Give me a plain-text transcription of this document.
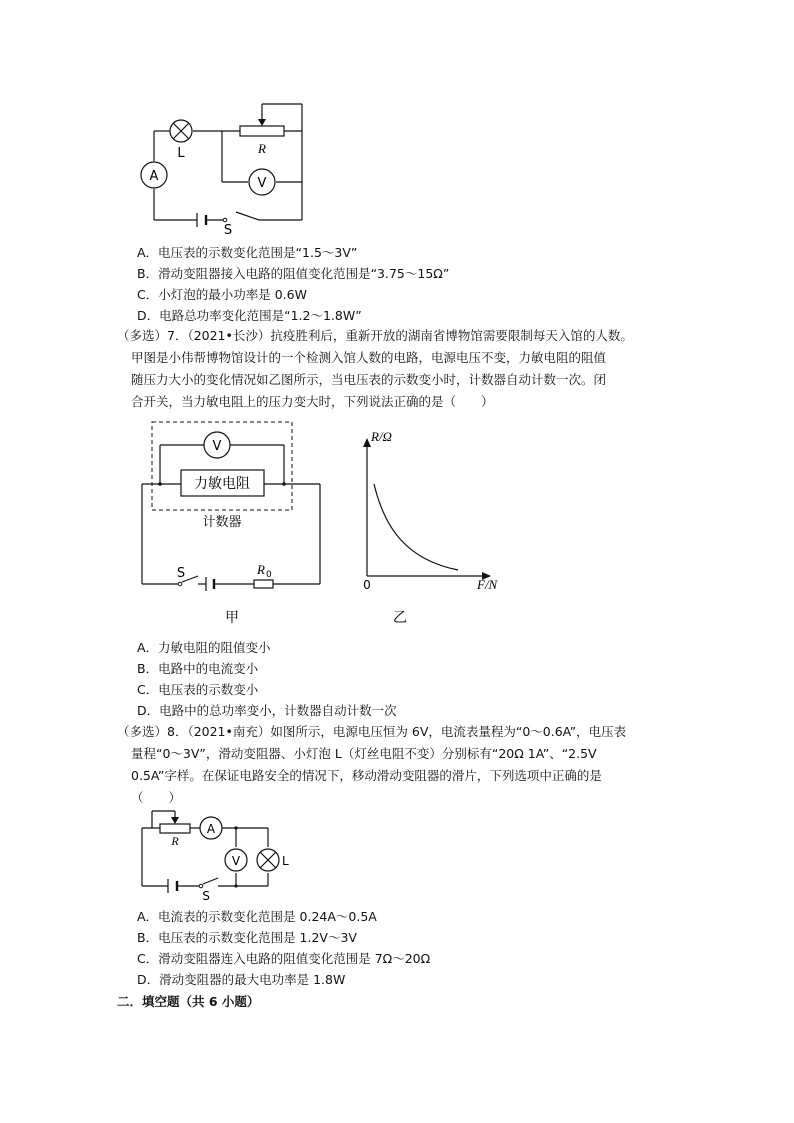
A
L	R
V
S
A．电压表的示数变化范围是“1.5～3V”
B．滑动变阻器接入电路的阻值变化范围是“3.75～15Ω”
C．小灯泡的最小功率是 0.6W
D．电路总功率变化范围是“1.2～1.8W”
（多选）7．（2021•长沙）抗疫胜利后，重新开放的湖南省博物馆需要限制每天入馆的人数。
甲图是小伟帮博物馆设计的一个检测入馆人数的电路，电源电压不变，力敏电阻的阻值
随压力大小的变化情况如乙图所示，当电压表的示数变小时，计数器自动计数一次。闭
合开关，当力敏电阻上的压力变大时，下列说法正确的是（　　）
V
力敏电阻
计数器
S	R 0
甲
R/Ω
0	F/N
乙
A．力敏电阻的阻值变小
B．电路中的电流变小
C．电压表的示数变小
D．电路中的总功率变小，计数器自动计数一次
（多选）8．（2021•南充）如图所示，电源电压恒为 6V，电流表量程为“0～0.6A”，电压表
量程“0～3V”，滑动变阻器、小灯泡 L（灯丝电阻不变）分别标有“20Ω 1A”、“2.5V
0.5A”字样。在保证电路安全的情况下，移动滑动变阻器的滑片，下列选项中正确的是
（　　）
R
A
V	L
S
A．电流表的示数变化范围是 0.24A～0.5A
B．电压表的示数变化范围是 1.2V～3V
C．滑动变阻器连入电路的阻值变化范围是 7Ω～20Ω
D．滑动变阻器的最大电功率是 1.8W
二．填空题（共 6 小题）
